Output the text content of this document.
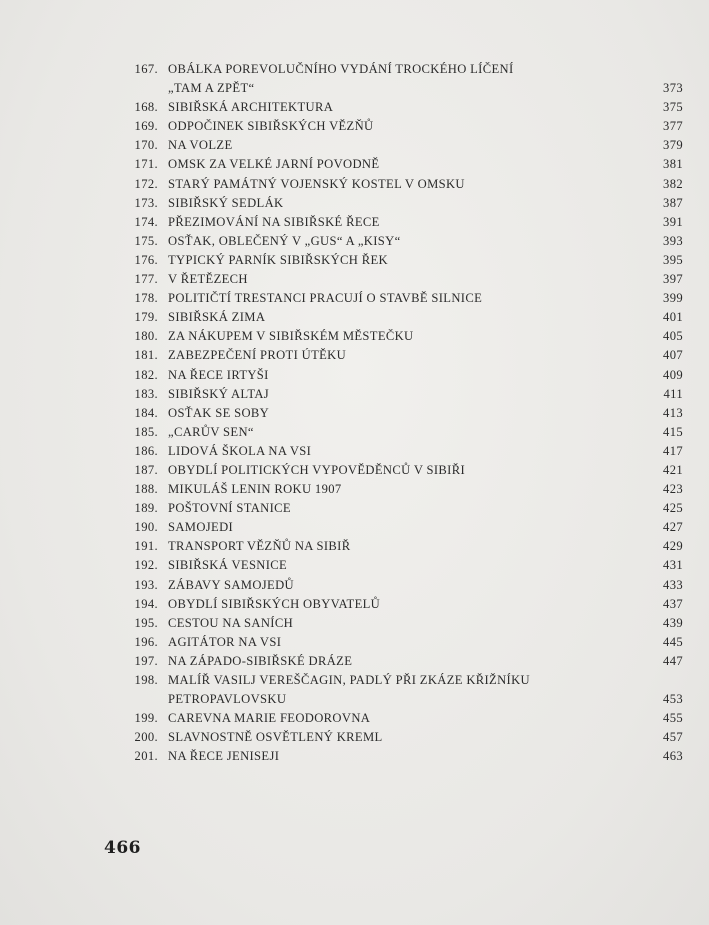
167. OBÁLKA POREVOLUČNÍHO VYDÁNÍ TROCKÉHO LÍČENÍ
„TAM A ZPĚT“	373
168. SIBIŘSKÁ ARCHITEKTURA	375
169. ODPOČINEK SIBIŘSKÝCH VĚZŇŮ	377
170. NA VOLZE	379
171. OMSK ZA VELKÉ JARNÍ POVODNĚ	381
172. STARÝ PAMÁTNÝ VOJENSKÝ KOSTEL V OMSKU	382
173. SIBIŘSKÝ SEDLÁK	387
174. PŘEZIMOVÁNÍ NA SIBIŘSKÉ ŘECE	391
175. OSŤAK, OBLEČENÝ V „GUS“ A „KISY“	393
176. TYPICKÝ PARNÍK SIBIŘSKÝCH ŘEK	395
177. V ŘETĚZECH	397
178. POLITIČTÍ TRESTANCI PRACUJÍ O STAVBĚ SILNICE	399
179. SIBIŘSKÁ ZIMA	401
180. ZA NÁKUPEM V SIBIŘSKÉM MĚSTEČKU	405
181. ZABEZPEČENÍ PROTI ÚTĚKU	407
182. NA ŘECE IRTYŠI	409
183. SIBIŘSKÝ ALTAJ	411
184. OSŤAK SE SOBY	413
185. „CARŮV SEN“	415
186. LIDOVÁ ŠKOLA NA VSI	417
187. OBYDLÍ POLITICKÝCH VYPOVĚDĚNCŮ V SIBIŘI	421
188. MIKULÁŠ LENIN ROKU 1907	423
189. POŠTOVNÍ STANICE	425
190. SAMOJEDI	427
191. TRANSPORT VĚZŇŮ NA SIBIŘ	429
192. SIBIŘSKÁ VESNICE	431
193. ZÁBAVY SAMOJEDŮ	433
194. OBYDLÍ SIBIŘSKÝCH OBYVATELŮ	437
195. CESTOU NA SANÍCH	439
196. AGITÁTOR NA VSI	445
197. NA ZÁPADO-SIBIŘSKÉ DRÁZE	447
198. MALÍŘ VASILJ VEREŠČAGIN, PADLÝ PŘI ZKÁZE KŘIŽNÍKU
PETROPAVLOVSKU	453
199. CAREVNA MARIE FEODOROVNA	455
200. SLAVNOSTNĚ OSVĚTLENÝ KREML	457
201. NA ŘECE JENISEJI	463
466
